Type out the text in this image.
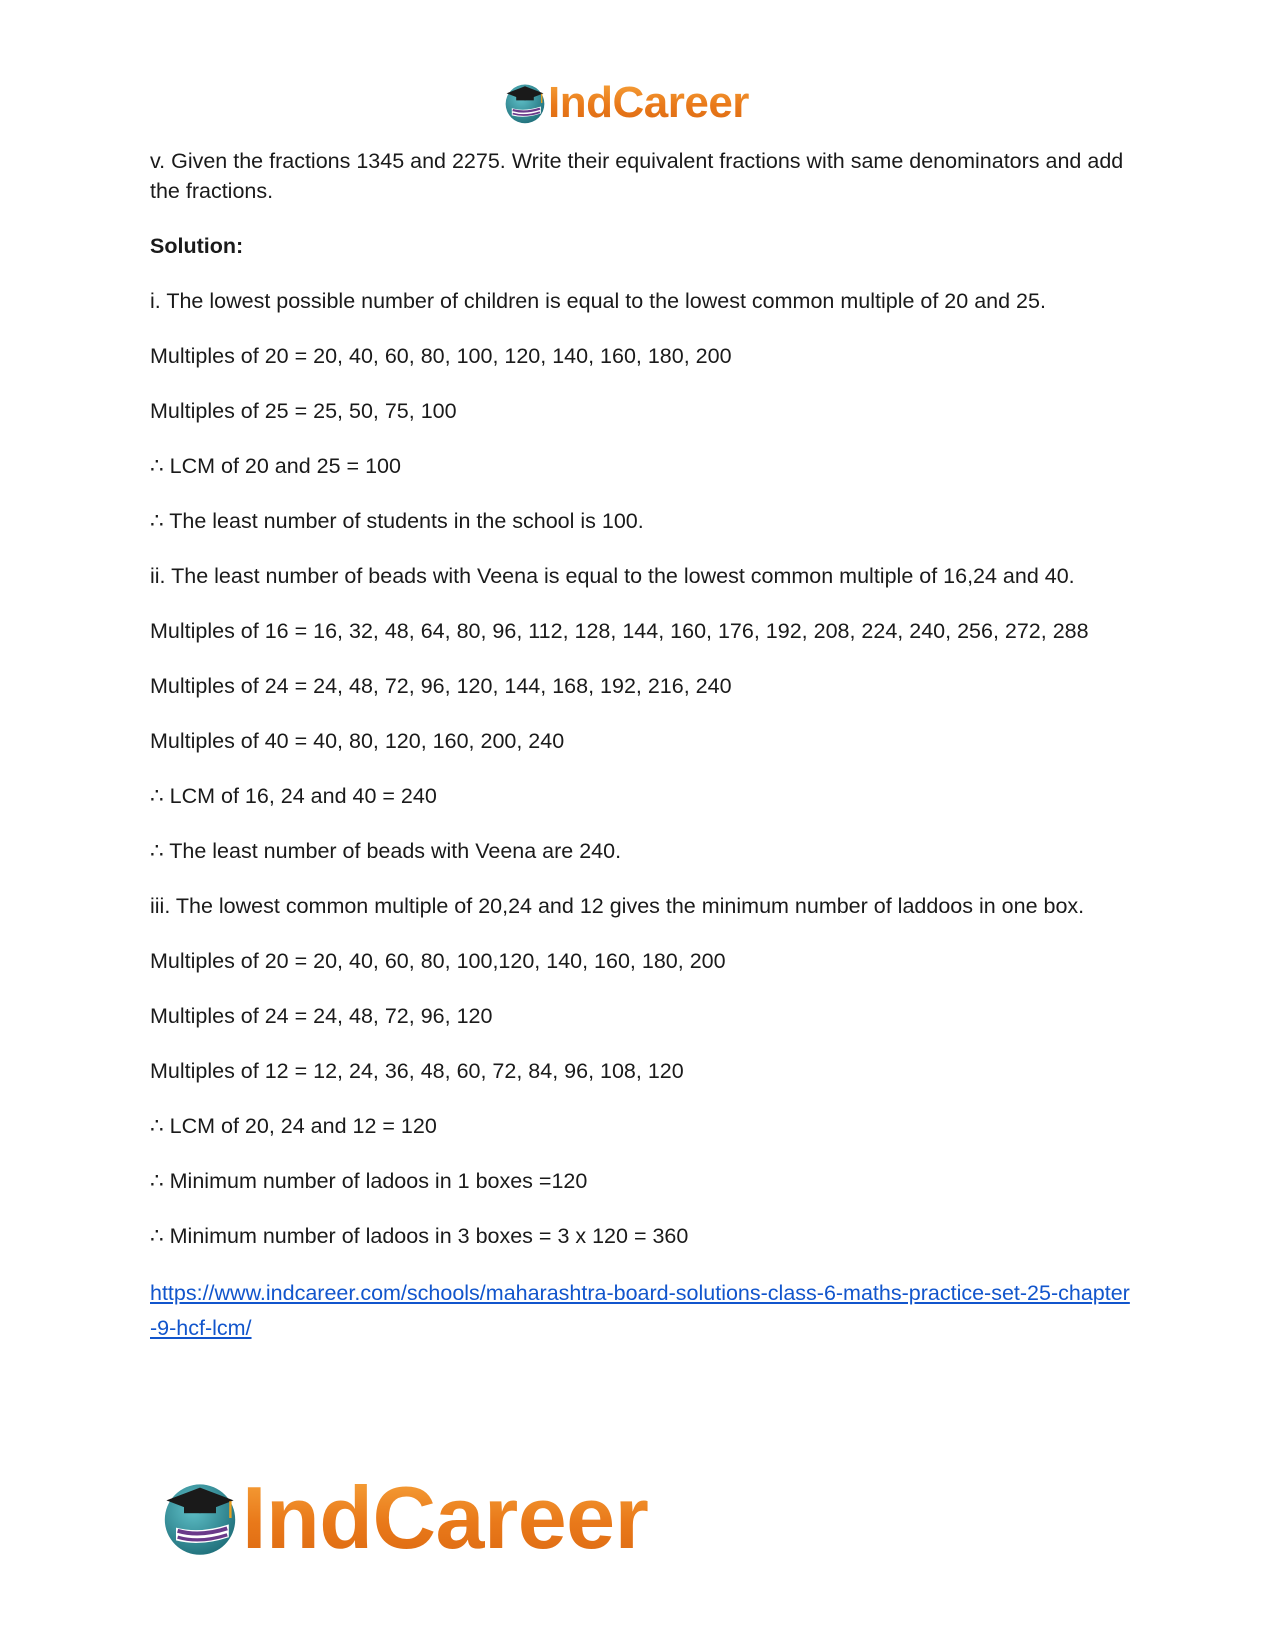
IndCareer

v. Given the fractions 1345 and 2275. Write their equivalent fractions with same denominators and add the fractions.

Solution:

i. The lowest possible number of children is equal to the lowest common multiple of 20 and 25.

Multiples of 20 = 20, 40, 60, 80, 100, 120, 140, 160, 180, 200

Multiples of 25 = 25, 50, 75, 100

∴ LCM of 20 and 25 = 100

∴ The least number of students in the school is 100.

ii. The least number of beads with Veena is equal to the lowest common multiple of 16,24 and 40.

Multiples of 16 = 16, 32, 48, 64, 80, 96, 112, 128, 144, 160, 176, 192, 208, 224, 240, 256, 272, 288

Multiples of 24 = 24, 48, 72, 96, 120, 144, 168, 192, 216, 240

Multiples of 40 = 40, 80, 120, 160, 200, 240

∴ LCM of 16, 24 and 40 = 240

∴ The least number of beads with Veena are 240.

iii. The lowest common multiple of 20,24 and 12 gives the minimum number of laddoos in one box.

Multiples of 20 = 20, 40, 60, 80, 100,120, 140, 160, 180, 200

Multiples of 24 = 24, 48, 72, 96, 120

Multiples of 12 = 12, 24, 36, 48, 60, 72, 84, 96, 108, 120

∴ LCM of 20, 24 and 12 = 120

∴ Minimum number of ladoos in 1 boxes =120

∴ Minimum number of ladoos in 3 boxes = 3 x 120 = 360

https://www.indcareer.com/schools/maharashtra-board-solutions-class-6-maths-practice-set-25-chapter-9-hcf-lcm/
IndCareer
